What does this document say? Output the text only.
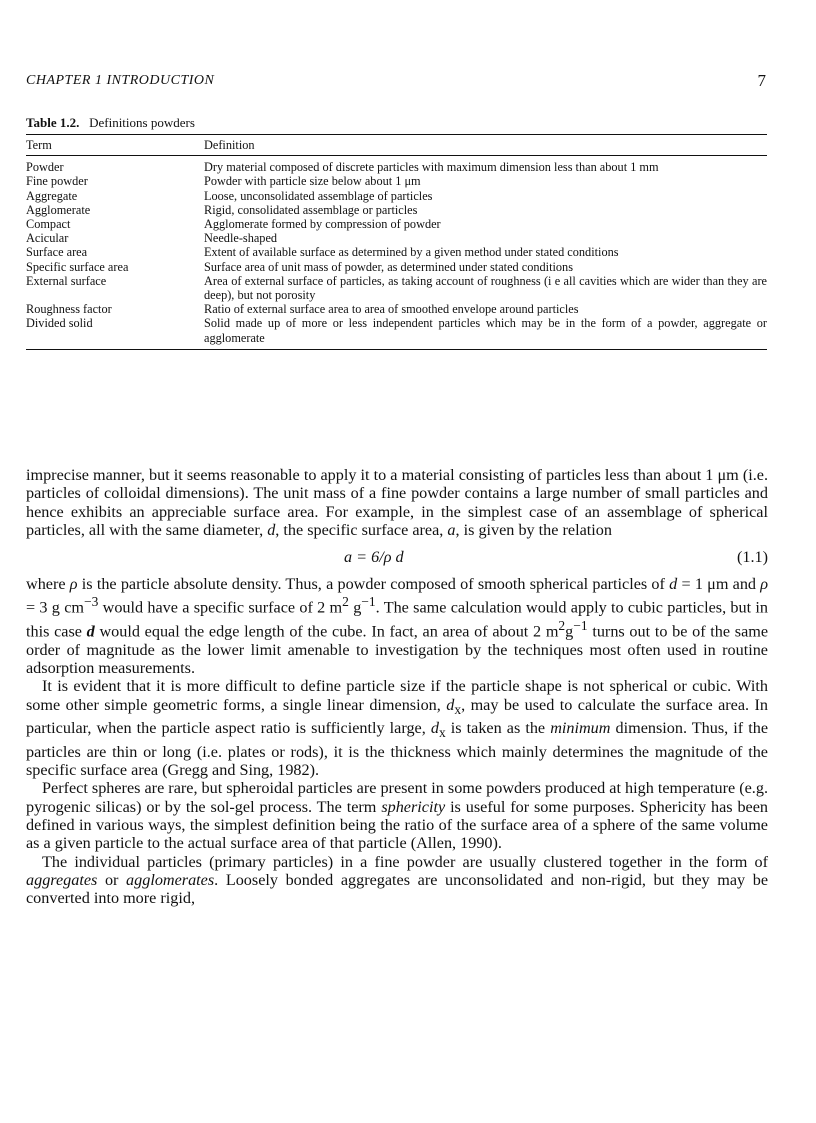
CHAPTER 1 INTRODUCTION	7
Table 1.2. Definitions powders
Term	Definition
Powder	Dry material composed of discrete particles with maximum dimension less than about 1 mm
Fine powder	Powder with particle size below about 1 μm
Aggregate	Loose, unconsolidated assemblage of particles
Agglomerate	Rigid, consolidated assemblage or particles
Compact	Agglomerate formed by compression of powder
Acicular	Needle-shaped
Surface area	Extent of available surface as determined by a given method under stated conditions
Specific surface area	Surface area of unit mass of powder, as determined under stated conditions
External surface	Area of external surface of particles, as taking account of roughness (i e all cavities which are wider than they are deep), but not porosity
Roughness factor	Ratio of external surface area to area of smoothed envelope around particles
Divided solid	Solid made up of more or less independent particles which may be in the form of a powder, aggregate or agglomerate

imprecise manner, but it seems reasonable to apply it to a material consisting of particles less than about 1 μm (i.e. particles of colloidal dimensions). The unit mass of a fine powder contains a large number of small particles and hence exhibits an appreciable surface area. For example, in the simplest case of an assemblage of spherical particles, all with the same diameter, d, the specific surface area, a, is given by the relation

a = 6/ρ d	(1.1)

where ρ is the particle absolute density. Thus, a powder composed of smooth spherical particles of d = 1 μm and ρ = 3 g $cm^{-3}$ would have a specific surface of 2 $m^2$ $g^{-1}$. The same calculation would apply to cubic particles, but in this case d would equal the edge length of the cube. In fact, an area of about 2 $m^2g^{-1}$ turns out to be of the same order of magnitude as the lower limit amenable to investigation by the techniques most often used in routine adsorption measurements.

It is evident that it is more difficult to define particle size if the particle shape is not spherical or cubic. With some other simple geometric forms, a single linear dimension, $d_x$, may be used to calculate the surface area. In particular, when the particle aspect ratio is sufficiently large, $d_x$ is taken as the minimum dimension. Thus, if the particles are thin or long (i.e. plates or rods), it is the thickness which mainly determines the magnitude of the specific surface area (Gregg and Sing, 1982).

Perfect spheres are rare, but spheroidal particles are present in some powders produced at high temperature (e.g. pyrogenic silicas) or by the sol-gel process. The term sphericity is useful for some purposes. Sphericity has been defined in various ways, the simplest definition being the ratio of the surface area of a sphere of the same volume as a given particle to the actual surface area of that particle (Allen, 1990).

The individual particles (primary particles) in a fine powder are usually clustered together in the form of aggregates or agglomerates. Loosely bonded aggregates are unconsolidated and non-rigid, but they may be converted into more rigid,
